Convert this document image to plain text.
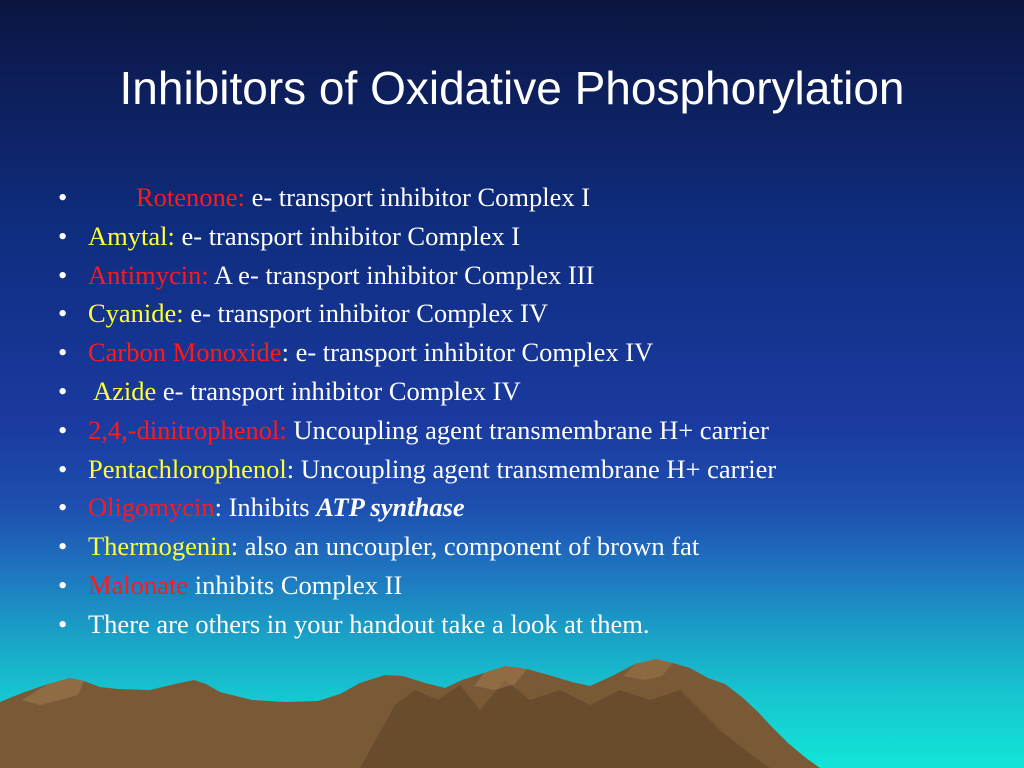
Inhibitors of Oxidative Phosphorylation
•	Rotenone: e- transport inhibitor Complex I
• Amytal: e- transport inhibitor Complex I
• Antimycin: A e- transport inhibitor Complex III
• Cyanide: e- transport inhibitor Complex IV
• Carbon Monoxide: e- transport inhibitor Complex IV
• Azide e- transport inhibitor Complex IV
• 2,4,-dinitrophenol: Uncoupling agent transmembrane H+ carrier
• Pentachlorophenol: Uncoupling agent transmembrane H+ carrier
• Oligomycin: Inhibits ATP synthase
• Thermogenin: also an uncoupler, component of brown fat
• Malonate inhibits Complex II
• There are others in your handout take a look at them.
